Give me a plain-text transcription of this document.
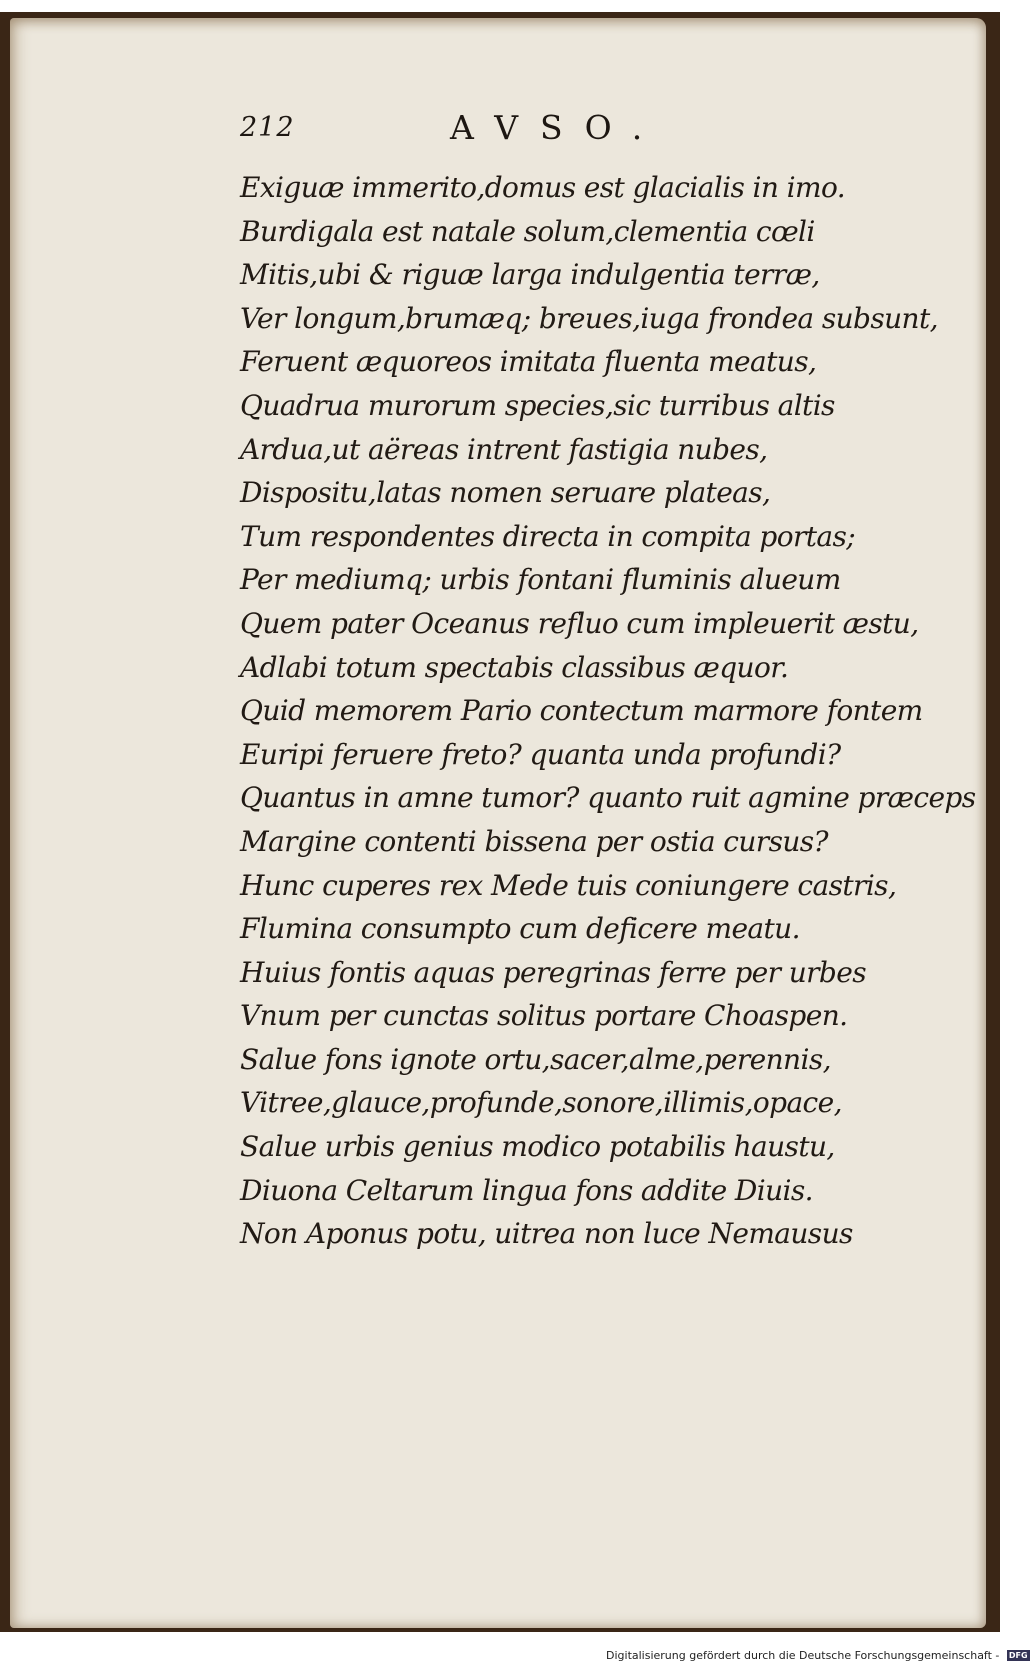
212	AVSO.
Exiguæ immerito,domus est glacialis in imo.
Burdigala est natale solum,clementia cœli
Mitis,ubi & riguæ larga indulgentia terræ,
Ver longum,brumæq; breues,iuga frondea subsunt,
Feruent æquoreos imitata fluenta meatus,
Quadrua murorum species,sic turribus altis
Ardua,ut aëreas intrent fastigia nubes,
Dispositu,latas nomen seruare plateas,
Tum respondentes directa in compita portas;
Per mediumq; urbis fontani fluminis alueum
Quem pater Oceanus refluo cum impleuerit æstu,
Adlabi totum spectabis classibus æquor.
Quid memorem Pario contectum marmore fontem
Euripi feruere freto? quanta unda profundi?
Quantus in amne tumor? quanto ruit agmine præceps
Margine contenti bissena per ostia cursus?
Hunc cuperes rex Mede tuis coniungere castris,
Flumina consumpto cum deficere meatu.
Huius fontis aquas peregrinas ferre per urbes
Vnum per cunctas solitus portare Choaspen.
Salue fons ignote ortu,sacer,alme,perennis,
Vitree,glauce,profunde,sonore,illimis,opace,
Salue urbis genius modico potabilis haustu,
Diuona Celtarum lingua fons addite Diuis.
Non Aponus potu, uitrea non luce Nemausus
Digitalisierung gefördert durch die Deutsche Forschungsgemeinschaft - DFG
